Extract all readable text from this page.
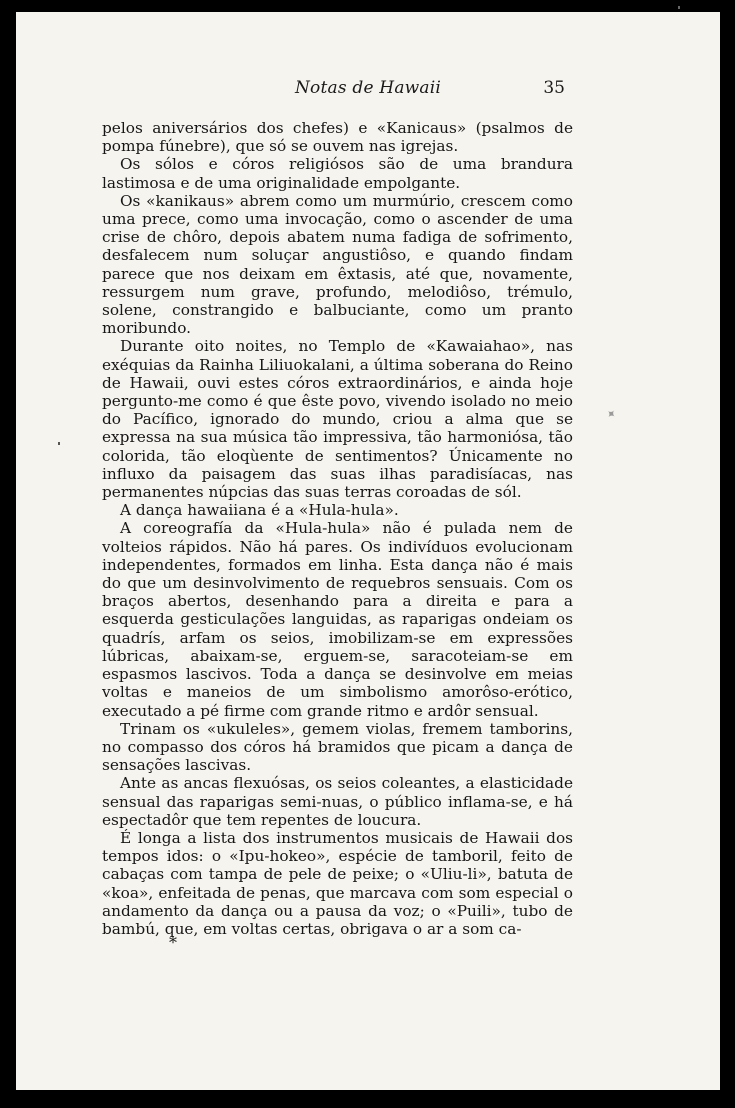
Notas de Hawaii	35

pelos aniversários dos chefes) e «Kanicaus» (psalmos de pompa fúnebre), que só se ouvem nas igrejas.

Os sólos e córos religiósos são de uma brandura lastimosa e de uma originalidade empolgante.

Os «kanikaus» abrem como um murmúrio, crescem como uma prece, como uma invocação, como o ascender de uma crise de chôro, depois abatem numa fadiga de sofrimento, desfalecem num soluçar angustiôso, e quando findam parece que nos deixam em êxtasis, até que, novamente, ressurgem num grave, profundo, melodiôso, trémulo, solene, constrangido e balbuciante, como um pranto moribundo.

Durante oito noites, no Templo de «Kawaiahao», nas exéquias da Rainha Liliuokalani, a última soberana do Reino de Hawaii, ouvi estes córos extraordinários, e ainda hoje pergunto-me como é que êste povo, vivendo isolado no meio do Pacífico, ignorado do mundo, criou a alma que se expressa na sua música tão impressiva, tão harmoniósa, tão colorida, tão eloqùente de sentimentos? Únicamente no influxo da paisagem das suas ilhas paradisíacas, nas permanentes núpcias das suas terras coroadas de sól.

A dança hawaiiana é a «Hula-hula».

A coreografía da «Hula-hula» não é pulada nem de volteios rápidos. Não há pares. Os indivíduos evolucionam independentes, formados em linha. Esta dança não é mais do que um desinvolvimento de requebros sensuais. Com os braços abertos, desenhando para a direita e para a esquerda gesticulações languidas, as raparigas ondeiam os quadrís, arfam os seios, imobilizam-se em expressões lúbricas, abaixam-se, erguem-se, saracoteiam-se em espasmos lascivos. Toda a dança se desinvolve em meias voltas e maneios de um simbolismo amorôso-erótico, executado a pé firme com grande ritmo e ardôr sensual.

Trinam os «ukuleles», gemem violas, fremem tamborins, no compasso dos córos há bramidos que picam a dança de sensações lascivas.

Ante as ancas flexuósas, os seios coleantes, a elasticidade sensual das raparigas semi-nuas, o público inflama-se, e há espectadôr que tem repentes de loucura.

É longa a lista dos instrumentos musicais de Hawaii dos tempos idos: o «Ipu-hokeo», espécie de tamboril, feito de cabaças com tampa de pele de peixe; o «Uliu-li», batuta de «koa», enfeitada de penas, que marcava com som especial o andamento da dança ou a pausa da voz; o «Puili», tubo de bambú, que, em voltas certas, obrigava o ar a som ca-

*
✦
